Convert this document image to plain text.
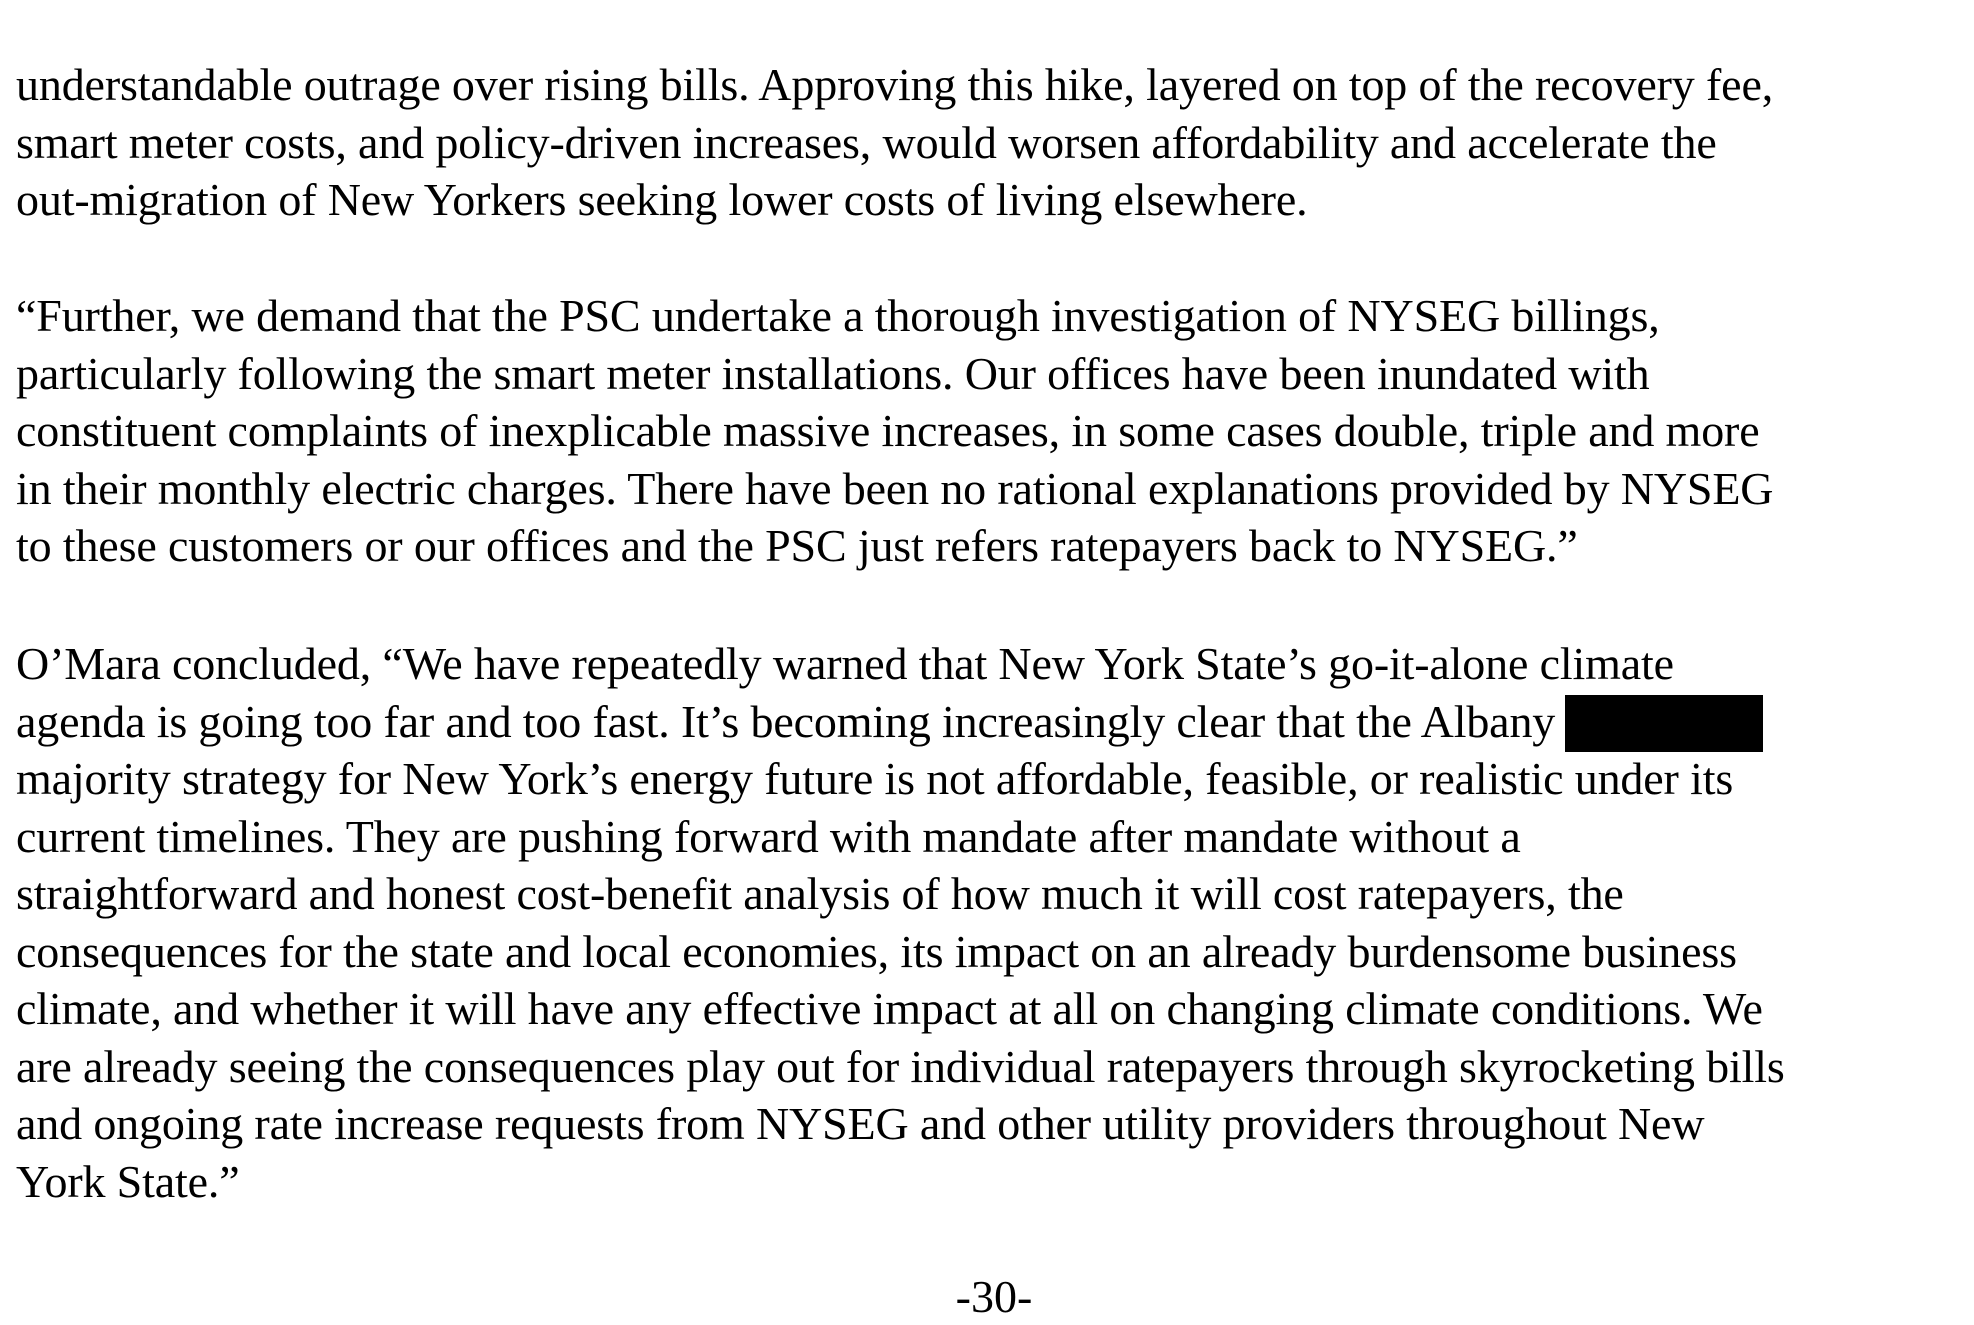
understandable outrage over rising bills. Approving this hike, layered on top of the recovery fee,
smart meter costs, and policy-driven increases, would worsen affordability and accelerate the
out-migration of New Yorkers seeking lower costs of living elsewhere.
“Further, we demand that the PSC undertake a thorough investigation of NYSEG billings,
particularly following the smart meter installations. Our offices have been inundated with
constituent complaints of inexplicable massive increases, in some cases double, triple and more
in their monthly electric charges. There have been no rational explanations provided by NYSEG
to these customers or our offices and the PSC just refers ratepayers back to NYSEG.”
O’Mara concluded, “We have repeatedly warned that New York State’s go-it-alone climate
agenda is going too far and too fast. It’s becoming increasingly clear that the Albany
majority strategy for New York’s energy future is not affordable, feasible, or realistic under its
current timelines. They are pushing forward with mandate after mandate without a
straightforward and honest cost-benefit analysis of how much it will cost ratepayers, the
consequences for the state and local economies, its impact on an already burdensome business
climate, and whether it will have any effective impact at all on changing climate conditions. We
are already seeing the consequences play out for individual ratepayers through skyrocketing bills
and ongoing rate increase requests from NYSEG and other utility providers throughout New
York State.”
-30-
